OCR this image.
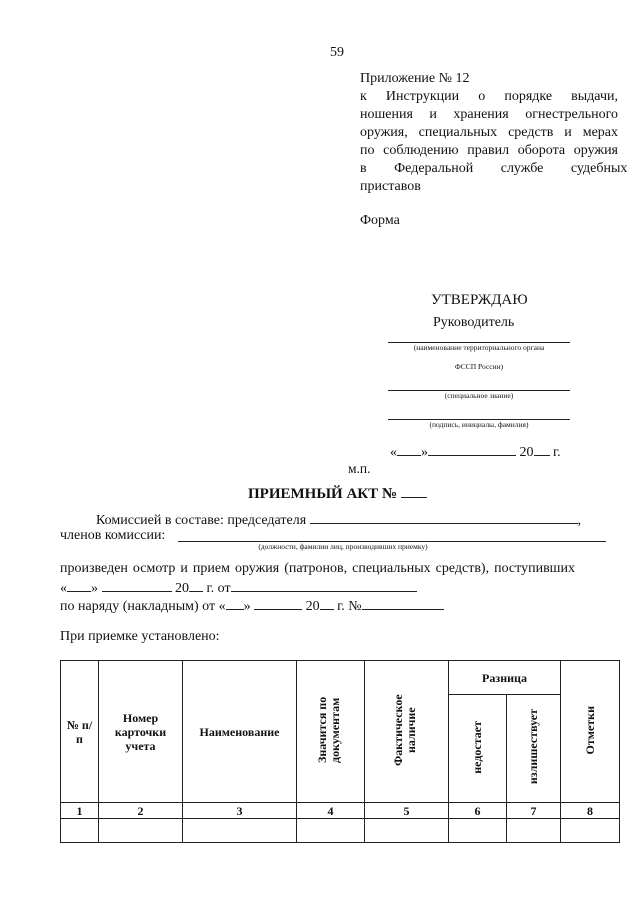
59
Приложение № 12
к Инструкции о порядке выдачи,
ношения и хранения огнестрельного
оружия, специальных средств и мерах
по соблюдению правил оборота оружия
в Федеральной службе судебных
приставов
Форма
УТВЕРЖДАЮ
Руководитель
(наименование территориального органа
ФССП России)
(специальное звание)
(подпись, инициалы, фамилия)
« »	20 г.
м.п.
ПРИЕМНЫЙ АКТ №
Комиссией в составе: председателя	,
членов комиссии:
(должности, фамилии лиц, производивших приемку)
произведен осмотр и прием оружия (патронов, специальных средств), поступивших
« »	20 г. от
по наряду (накладным) от « »	20 г. №
При приемке установлено:
№ п/п	Номер карточки учета	Наименование	Значится по документам	Фактическое наличие	Разница		Отметки
					недостает	излишествует	
1	2	3	4	5	6	7	8
